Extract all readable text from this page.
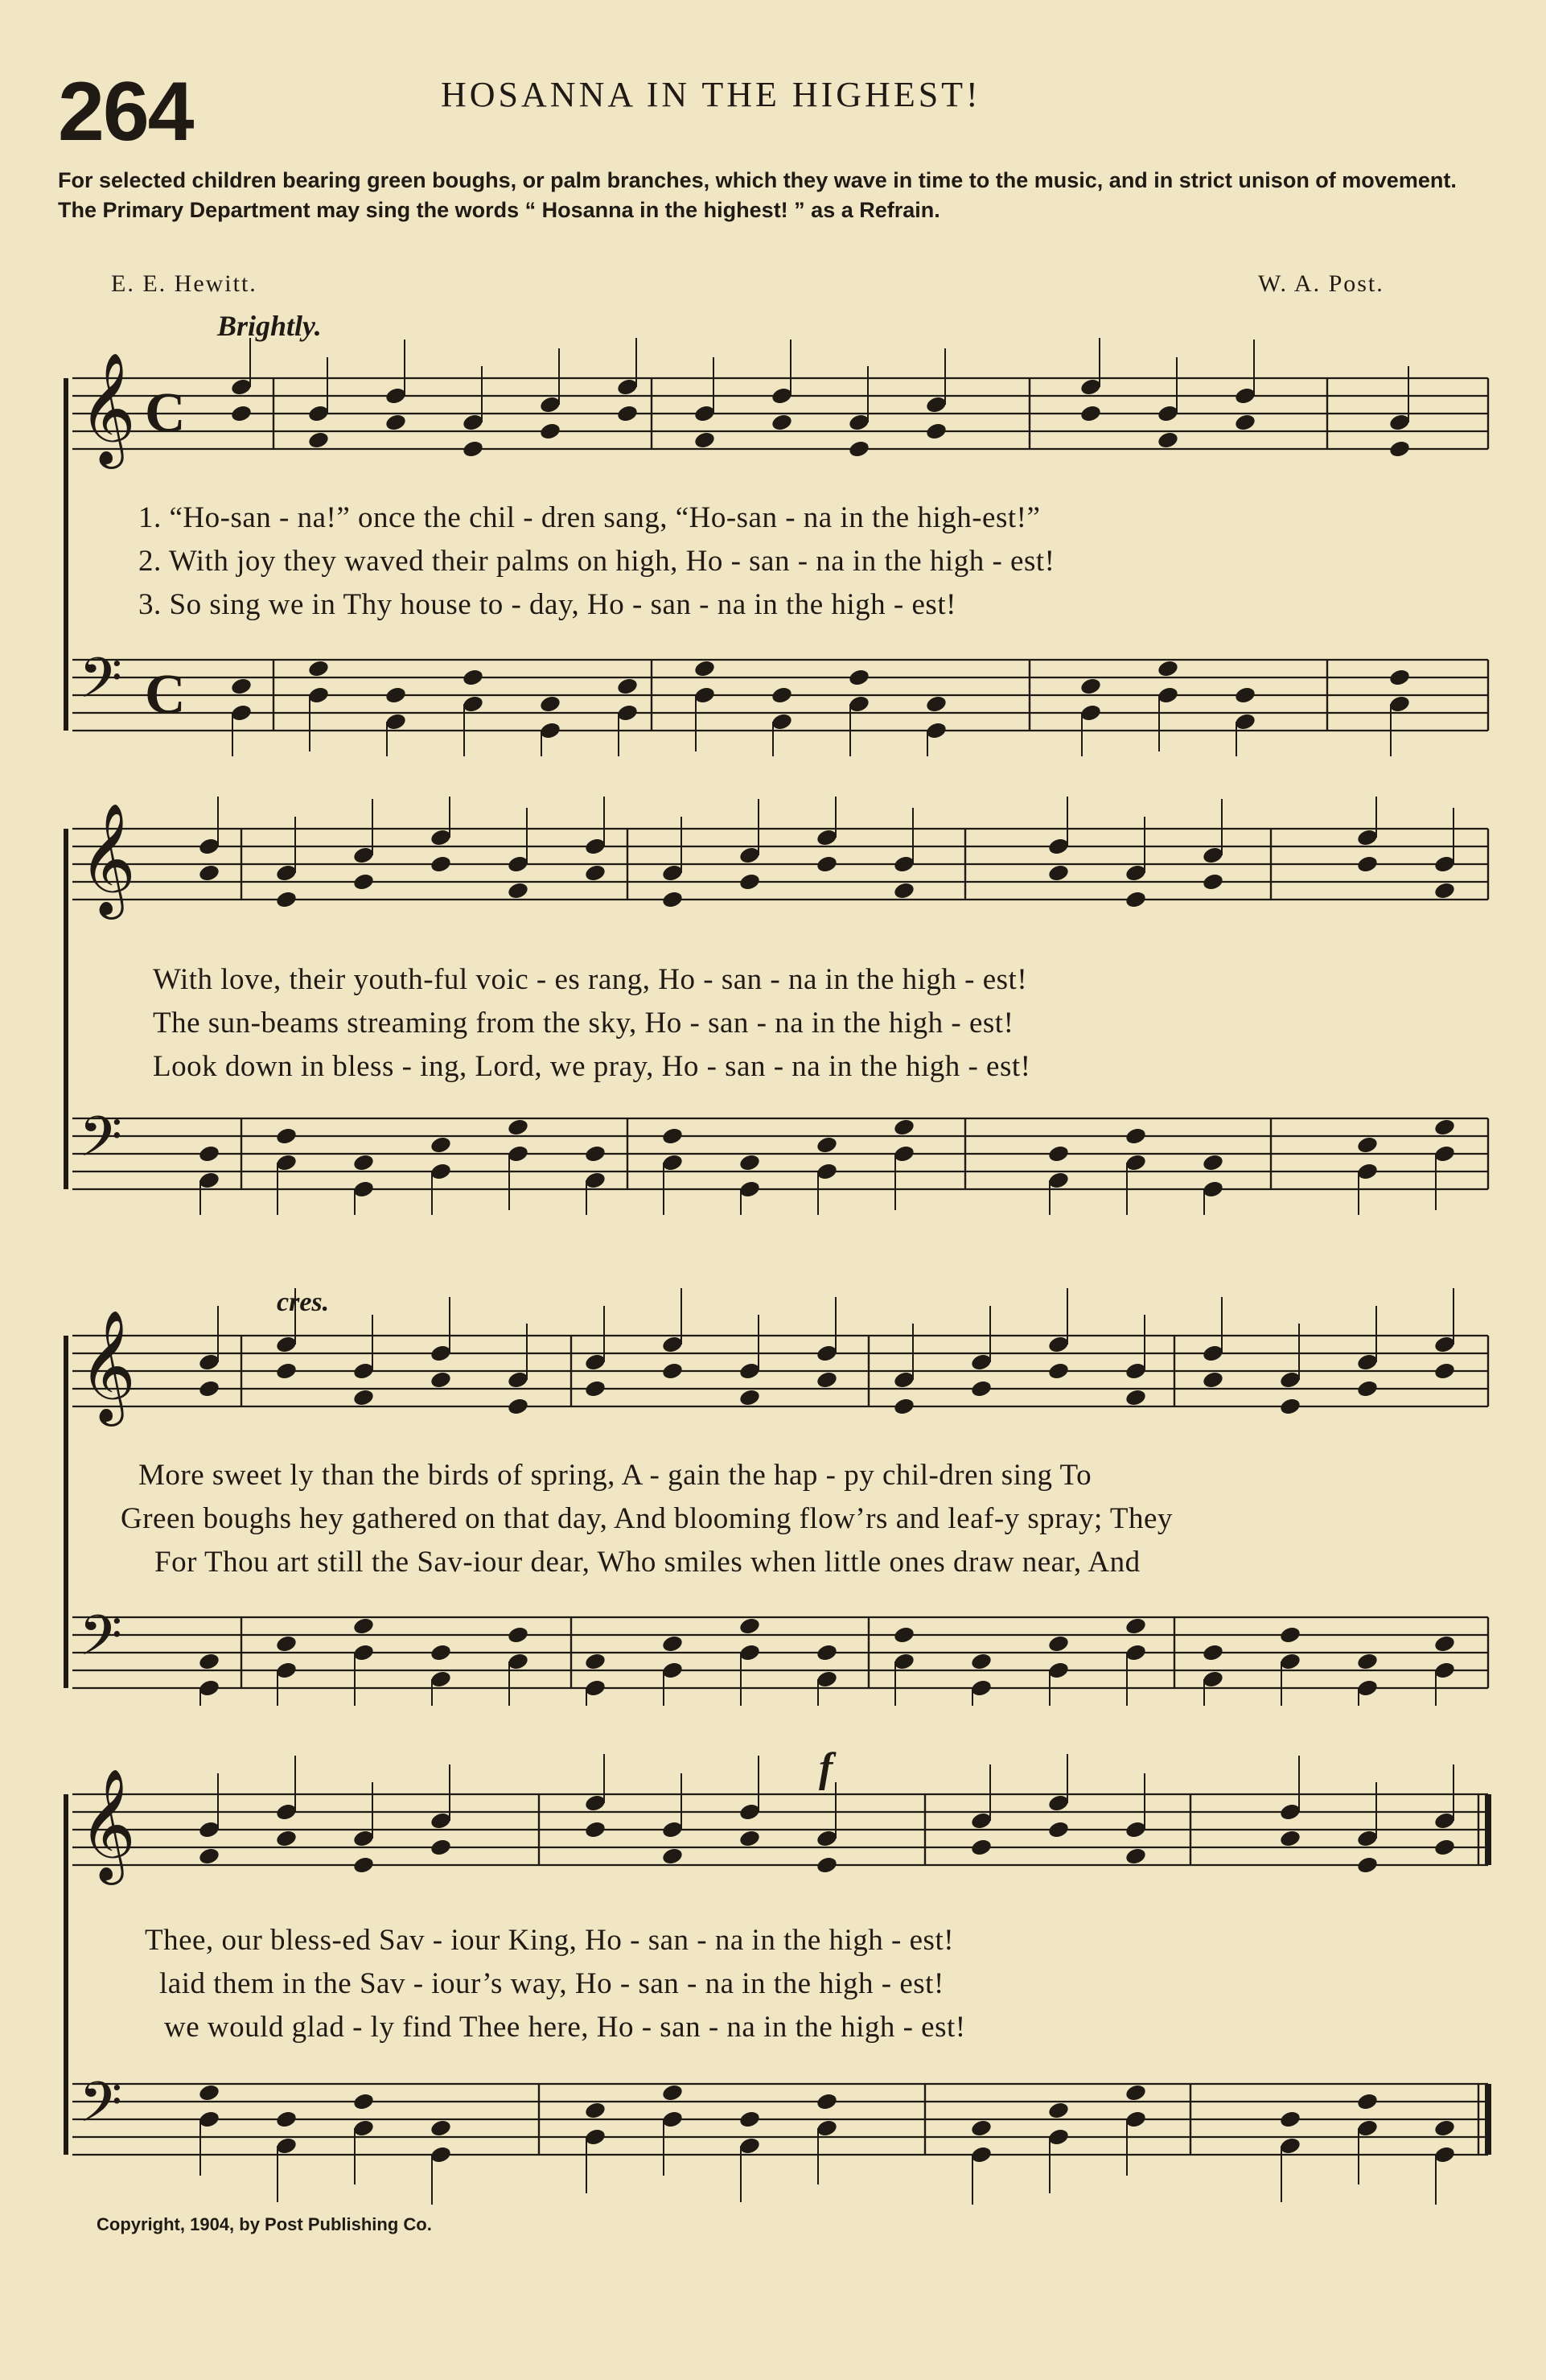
264	HOSANNA IN THE HIGHEST!
For selected children bearing green boughs, or palm branches, which they wave in time to the music, and in strict unison of movement. The Primary Department may sing the words “ Hosanna in the highest! ” as a Refrain.
E. E. Hewitt.	W. A. Post.
Brightly.
cres.
f
𝄞 C
𝄢 C
1. “Ho-san - na!” once the chil - dren sang, “Ho-san - na in the high-est!”
2. With joy they waved their palms on high, Ho - san - na in the high - est!
3. So sing we in Thy house to - day, Ho - san - na in the high - est!
𝄞
𝄢
With love, their youth-ful voic - es rang, Ho - san - na in the high - est!
The sun-beams streaming from the sky, Ho - san - na in the high - est!
Look down in bless - ing, Lord, we pray, Ho - san - na in the high - est!
𝄞
𝄢
More sweet ly than the birds of spring, A - gain the hap - py chil-dren sing To
Green boughs hey gathered on that day, And blooming flow’rs and leaf-y spray; They
For Thou art still the Sav-iour dear, Who smiles when little ones draw near, And
𝄞
𝄢
Thee, our bless-ed Sav - iour King, Ho - san - na in the high - est!
laid them in the Sav - iour’s way, Ho - san - na in the high - est!
we would glad - ly find Thee here, Ho - san - na in the high - est!
Copyright, 1904, by Post Publishing Co.
